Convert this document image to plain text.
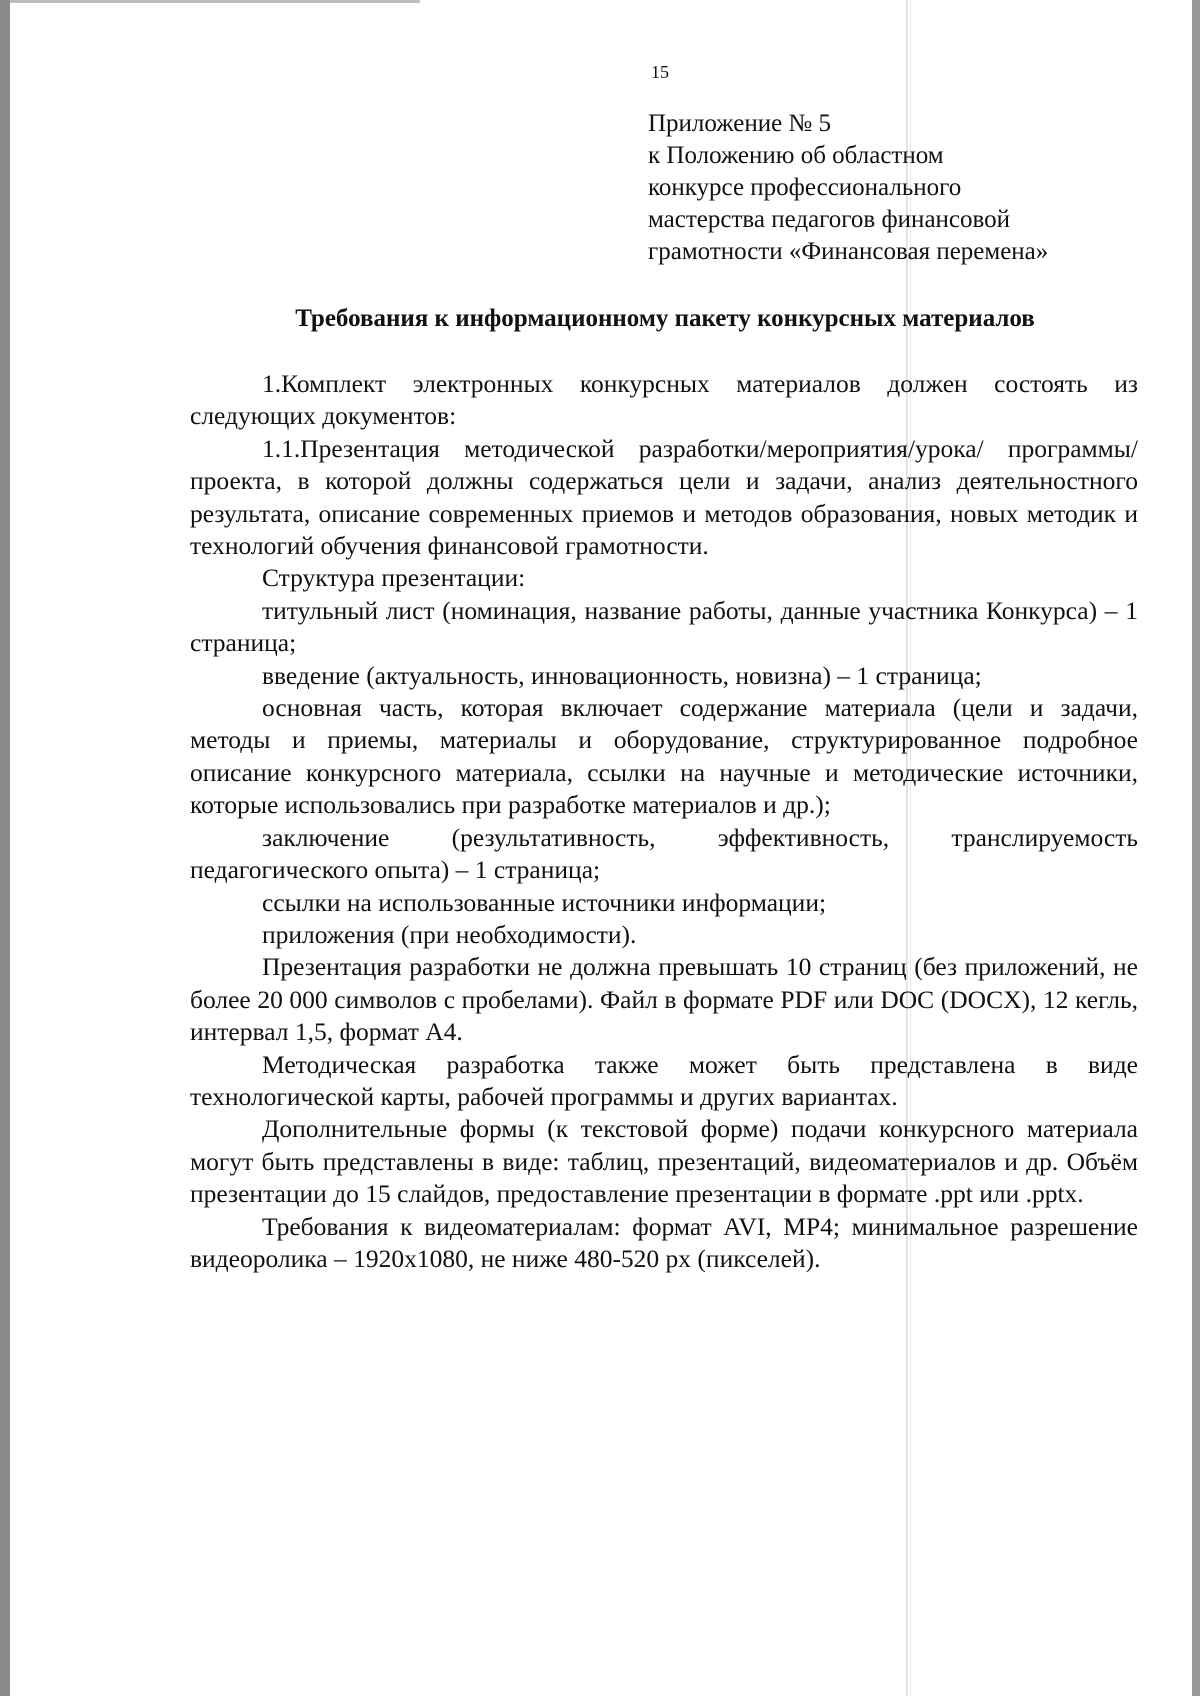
15
Приложение № 5
к Положению об областном
конкурсе профессионального
мастерства педагогов финансовой
грамотности «Финансовая перемена»
Требования к информационному пакету конкурсных материалов

1.Комплект электронных конкурсных материалов должен состоять из следующих документов:

1.1.Презентация методической разработки/мероприятия/урока/ программы/проекта, в которой должны содержаться цели и задачи, анализ деятельностного результата, описание современных приемов и методов образования, новых методик и технологий обучения финансовой грамотности.

Структура презентации:

титульный лист (номинация, название работы, данные участника Конкурса) – 1 страница;

введение (актуальность, инновационность, новизна) – 1 страница;

основная часть, которая включает содержание материала (цели и задачи, методы и приемы, материалы и оборудование, структурированное подробное описание конкурсного материала, ссылки на научные и методические источники, которые использовались при разработке материалов и др.);

заключение (результативность, эффективность, транслируемость педагогического опыта) – 1 страница;

ссылки на использованные источники информации;

приложения (при необходимости).

Презентация разработки не должна превышать 10 страниц (без приложений, не более 20 000 символов с пробелами). Файл в формате PDF или DOC (DOCX), 12 кегль, интервал 1,5, формат А4.

Методическая разработка также может быть представлена в виде технологической карты, рабочей программы и других вариантах.

Дополнительные формы (к текстовой форме) подачи конкурсного материала могут быть представлены в виде: таблиц, презентаций, видеоматериалов и др. Объём презентации до 15 слайдов, предоставление презентации в формате .ppt или .pptx.

Требования к видеоматериалам: формат AVI, MP4; минимальное разрешение видеоролика – 1920x1080, не ниже 480-520 px (пикселей).
